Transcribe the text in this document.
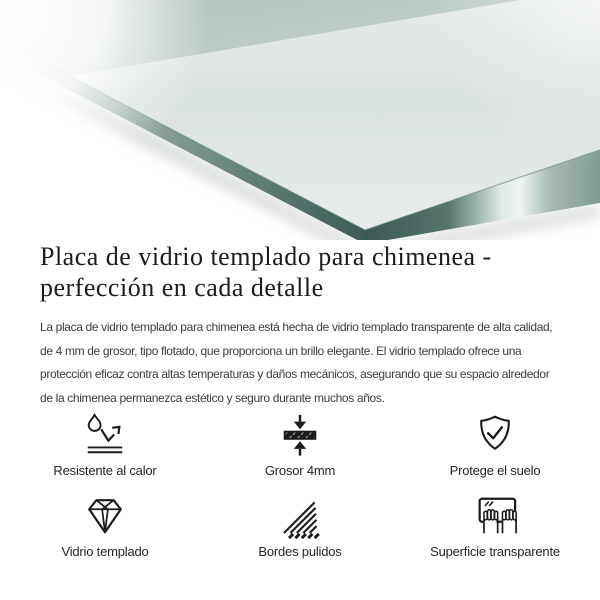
Placa de vidrio templado para chimenea -
perfección en cada detalle

La placa de vidrio templado para chimenea está hecha de vidrio templado transparente de alta calidad,
de 4 mm de grosor, tipo flotado, que proporciona un brillo elegante. El vidrio templado ofrece una
protección eficaz contra altas temperaturas y daños mecánicos, asegurando que su espacio alrededor
de la chimenea permanezca estético y seguro durante muchos años.

Resistente al calor	Grosor 4mm	Protege el suelo
Vidrio templado	Bordes pulidos	Superficie transparente
